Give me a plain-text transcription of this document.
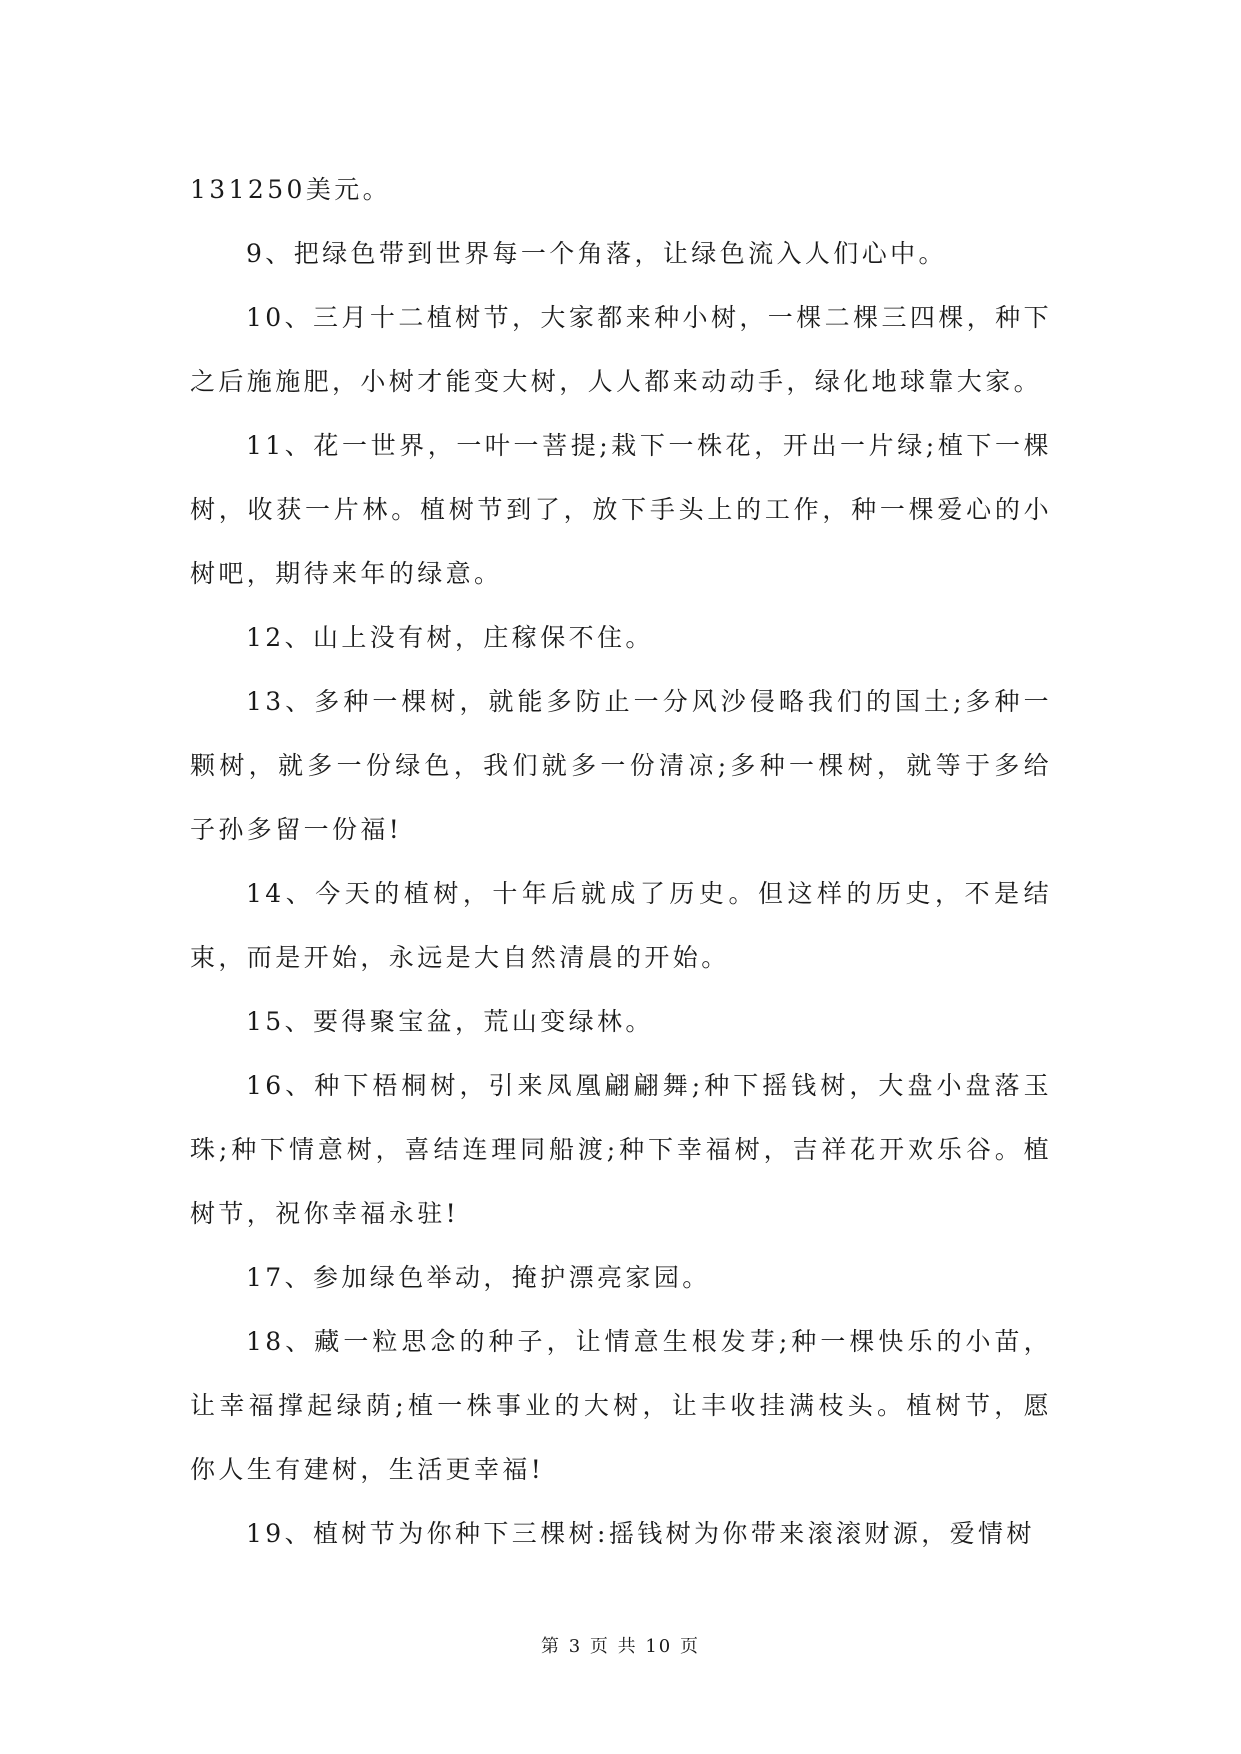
131250美元。

9、把绿色带到世界每一个角落，让绿色流入人们心中。

10、三月十二植树节，大家都来种小树，一棵二棵三四棵，种下之后施施肥，小树才能变大树，人人都来动动手，绿化地球靠大家。

11、花一世界，一叶一菩提;栽下一株花，开出一片绿;植下一棵树，收获一片林。植树节到了，放下手头上的工作，种一棵爱心的小树吧，期待来年的绿意。

12、山上没有树，庄稼保不住。

13、多种一棵树，就能多防止一分风沙侵略我们的国土;多种一颗树，就多一份绿色，我们就多一份清凉;多种一棵树，就等于多给子孙多留一份福!

14、今天的植树，十年后就成了历史。但这样的历史，不是结束，而是开始，永远是大自然清晨的开始。

15、要得聚宝盆，荒山变绿林。

16、种下梧桐树，引来凤凰翩翩舞;种下摇钱树，大盘小盘落玉珠;种下情意树，喜结连理同船渡;种下幸福树，吉祥花开欢乐谷。植树节，祝你幸福永驻!

17、参加绿色举动，掩护漂亮家园。

18、藏一粒思念的种子，让情意生根发芽;种一棵快乐的小苗，让幸福撑起绿荫;植一株事业的大树，让丰收挂满枝头。植树节，愿你人生有建树，生活更幸福!

19、植树节为你种下三棵树:摇钱树为你带来滚滚财源，爱情树

第 3 页 共 10 页
